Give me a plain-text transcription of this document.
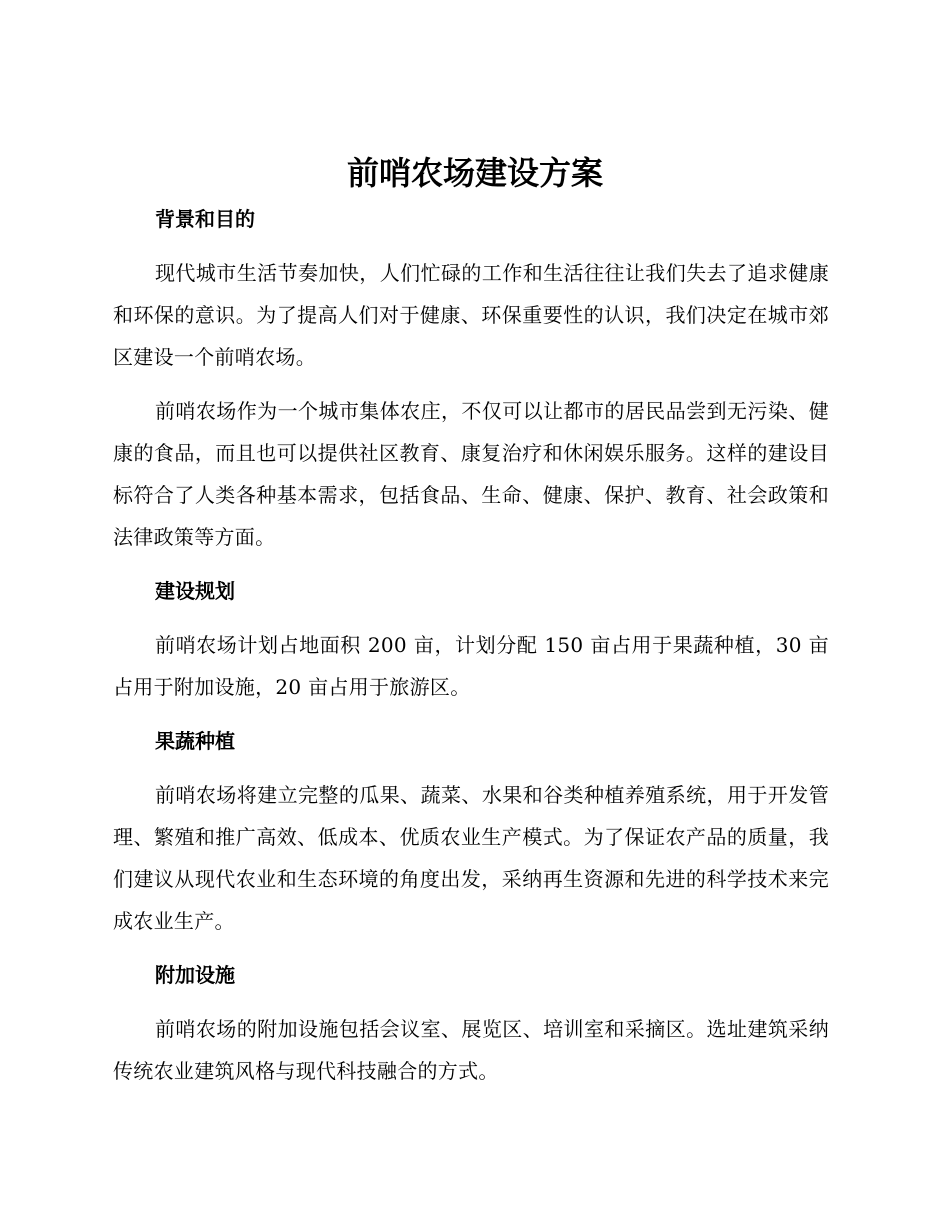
前哨农场建设方案
背景和目的

现代城市生活节奏加快，人们忙碌的工作和生活往往让我们失去了追求健康和环保的意识。为了提高人们对于健康、环保重要性的认识，我们决定在城市郊区建设一个前哨农场。

前哨农场作为一个城市集体农庄，不仅可以让都市的居民品尝到无污染、健康的食品，而且也可以提供社区教育、康复治疗和休闲娱乐服务。这样的建设目标符合了人类各种基本需求，包括食品、生命、健康、保护、教育、社会政策和法律政策等方面。

建设规划

前哨农场计划占地面积 200 亩，计划分配 150 亩占用于果蔬种植，30 亩占用于附加设施，20 亩占用于旅游区。

果蔬种植

前哨农场将建立完整的瓜果、蔬菜、水果和谷类种植养殖系统，用于开发管理、繁殖和推广高效、低成本、优质农业生产模式。为了保证农产品的质量，我们建议从现代农业和生态环境的角度出发，采纳再生资源和先进的科学技术来完成农业生产。

附加设施

前哨农场的附加设施包括会议室、展览区、培训室和采摘区。选址建筑采纳传统农业建筑风格与现代科技融合的方式。
